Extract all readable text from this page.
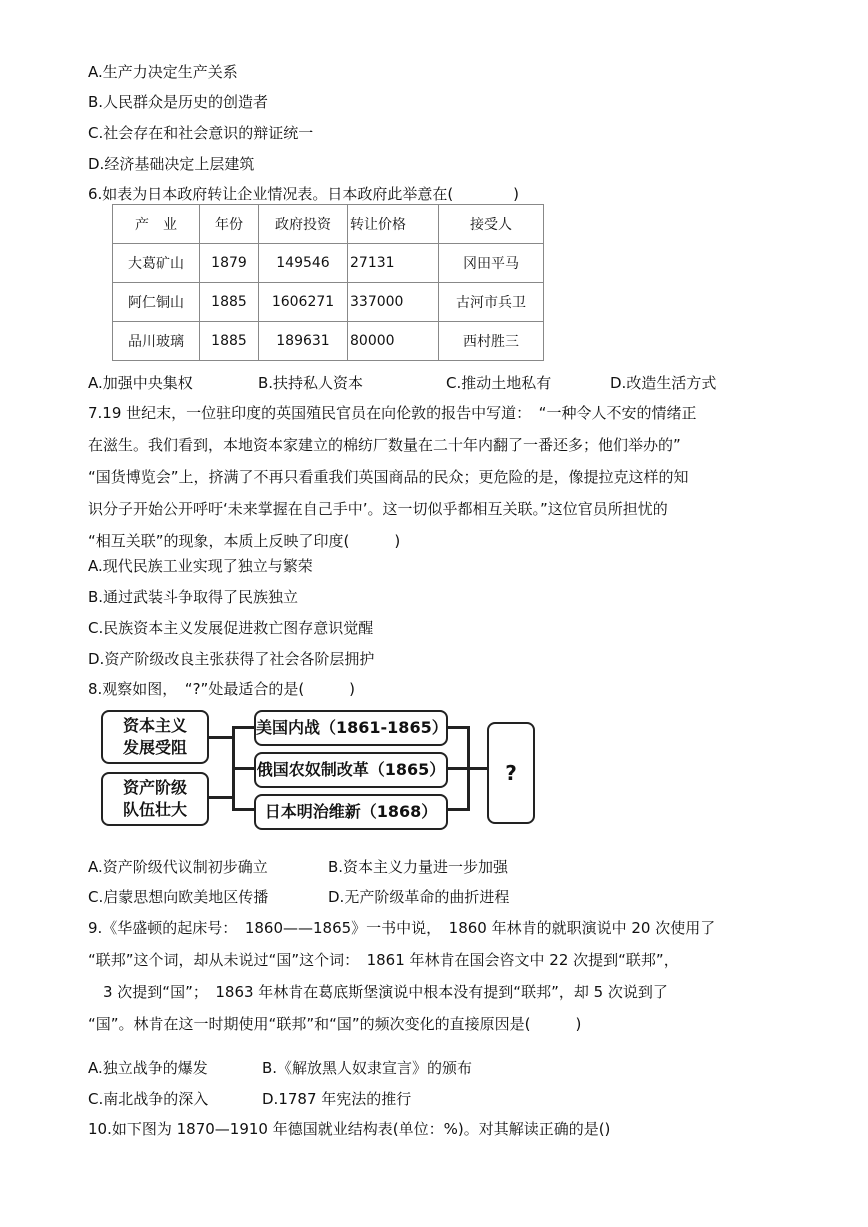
A.生产力决定生产关系
B.人民群众是历史的创造者
C.社会存在和社会意识的辩证统一
D.经济基础决定上层建筑
6.如表为日本政府转让企业情况表。日本政府此举意在(　　　　)
产　业	年份	政府投资	转让价格	接受人
大葛矿山	1879	149546	27131	冈田平马
阿仁铜山	1885	1606271	337000	古河市兵卫
品川玻璃	1885	189631	80000	西村胜三
A.加强中央集权	B.扶持私人资本	C.推动土地私有	D.改造生活方式
7.19 世纪末，一位驻印度的英国殖民官员在向伦敦的报告中写道：　“一种令人不安的情绪正
在滋生。我们看到，本地资本家建立的棉纺厂数量在二十年内翻了一番还多；他们举办的”
“国货博览会”上，挤满了不再只看重我们英国商品的民众；更危险的是，像提拉克这样的知
识分子开始公开呼吁‘未来掌握在自己手中’。这一切似乎都相互关联。”这位官员所担忧的
“相互关联”的现象，本质上反映了印度(　　　)
A.现代民族工业实现了独立与繁荣
B.通过武装斗争取得了民族独立
C.民族资本主义发展促进救亡图存意识觉醒
D.资产阶级改良主张获得了社会各阶层拥护
8.观察如图，　“?”处最适合的是(　　　)
资本主义
发展受阻
资产阶级
队伍壮大
美国内战（1861-1865）
俄国农奴制改革（1865）
日本明治维新（1868）
?
A.资产阶级代议制初步确立	B.资本主义力量进一步加强
C.启蒙思想向欧美地区传播	D.无产阶级革命的曲折进程
9.《华盛顿的起床号：　1860——1865》一书中说，　1860 年林肯的就职演说中 20 次使用了
“联邦”这个词，却从未说过“国”这个词：　1861 年林肯在国会咨文中 22 次提到“联邦”，
　3 次提到“国”；　1863 年林肯在葛底斯堡演说中根本没有提到“联邦”，却 5 次说到了
“国”。林肯在这一时期使用“联邦”和“国”的频次变化的直接原因是(　　　)
A.独立战争的爆发	B.《解放黑人奴隶宣言》的颁布
C.南北战争的深入	D.1787 年宪法的推行
10.如下图为 1870—1910 年德国就业结构表(单位：%)。对其解读正确的是()
